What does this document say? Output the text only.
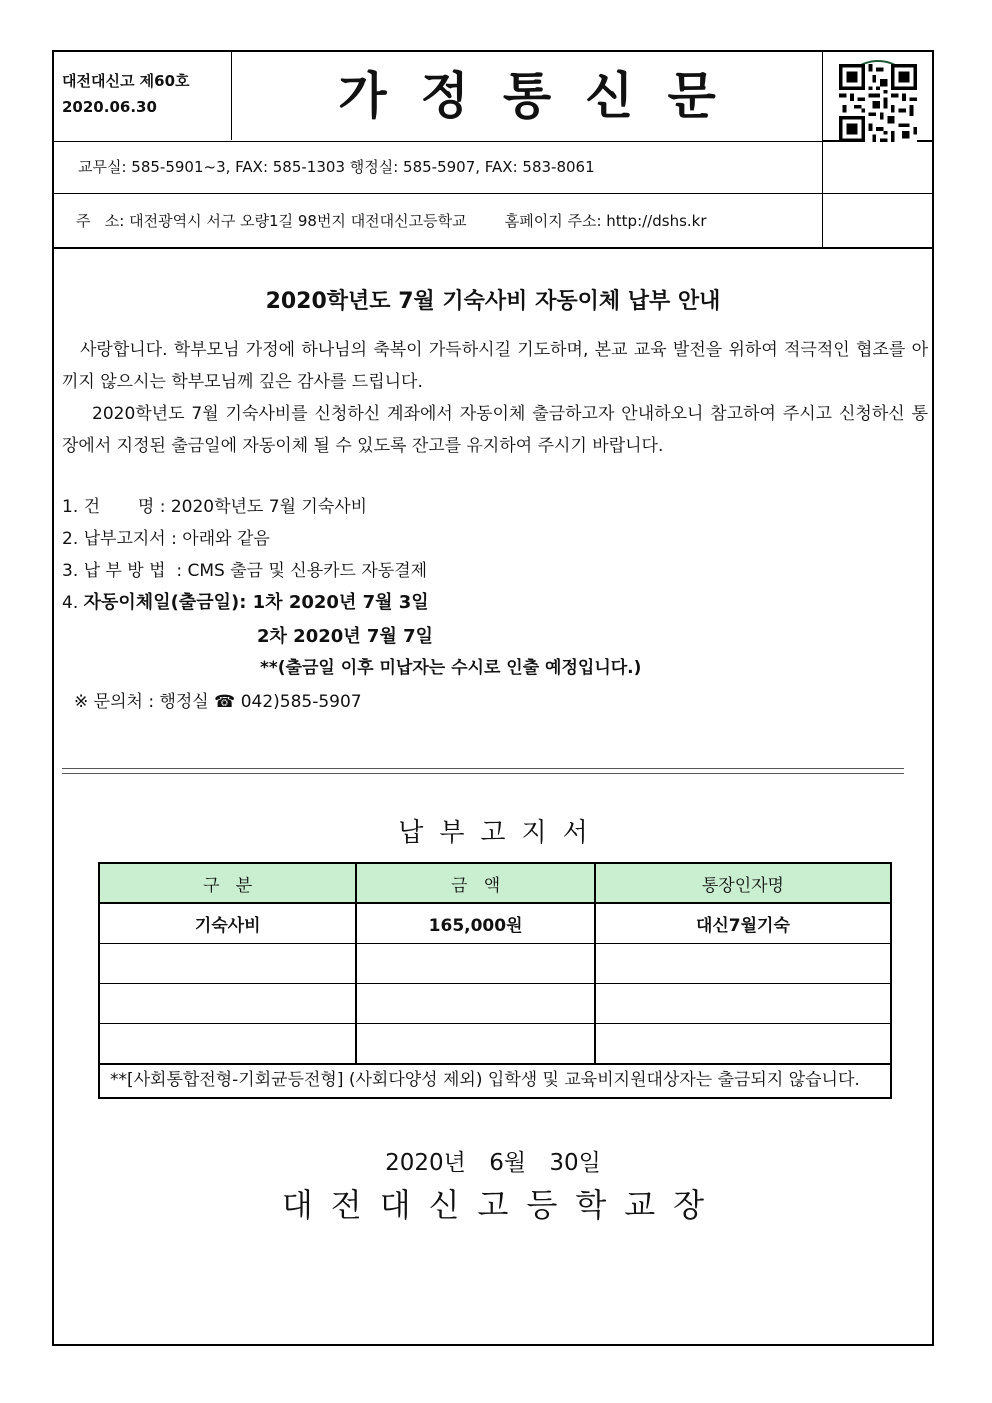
대전대신고 제60호
2020.06.30	가정통신문
교무실: 585-5901~3, FAX: 585-1303 행정실: 585-5907, FAX: 583-8061
주   소: 대전광역시 서구 오량1길 98번지 대전대신고등학교        홈페이지 주소: http://dshs.kr
2020학년도 7월 기숙사비 자동이체 납부 안내
사랑합니다. 학부모님 가정에 하나님의 축복이 가득하시길 기도하며, 본교 교육 발전을 위하여 적극적인 협조를 아끼지 않으시는 학부모님께 깊은 감사를 드립니다.
2020학년도 7월 기숙사비를 신청하신 계좌에서 자동이체 출금하고자 안내하오니 참고하여 주시고 신청하신 통장에서 지정된 출금일에 자동이체 될 수 있도록 잔고를 유지하여 주시기 바랍니다.
1. 건       명 : 2020학년도 7월 기숙사비
2. 납부고지서 : 아래와 같음
3. 납 부 방 법  : CMS 출금 및 신용카드 자동결제
4. 자동이체일(출금일): 1차 2020년 7월 3일
2차 2020년 7월 7일
**(출금일 이후 미납자는 수시로 인출 예정입니다.)
※ 문의처 : 행정실 ☎ 042)585-5907
납부고지서
구   분	금   액	통장인자명
기숙사비	165,000원	대신7월기숙

**[사회통합전형-기회균등전형] (사회다양성 제외) 입학생 및 교육비지원대상자는 출금되지 않습니다.		
2020년 6월 30일
대전대신고등학교장
